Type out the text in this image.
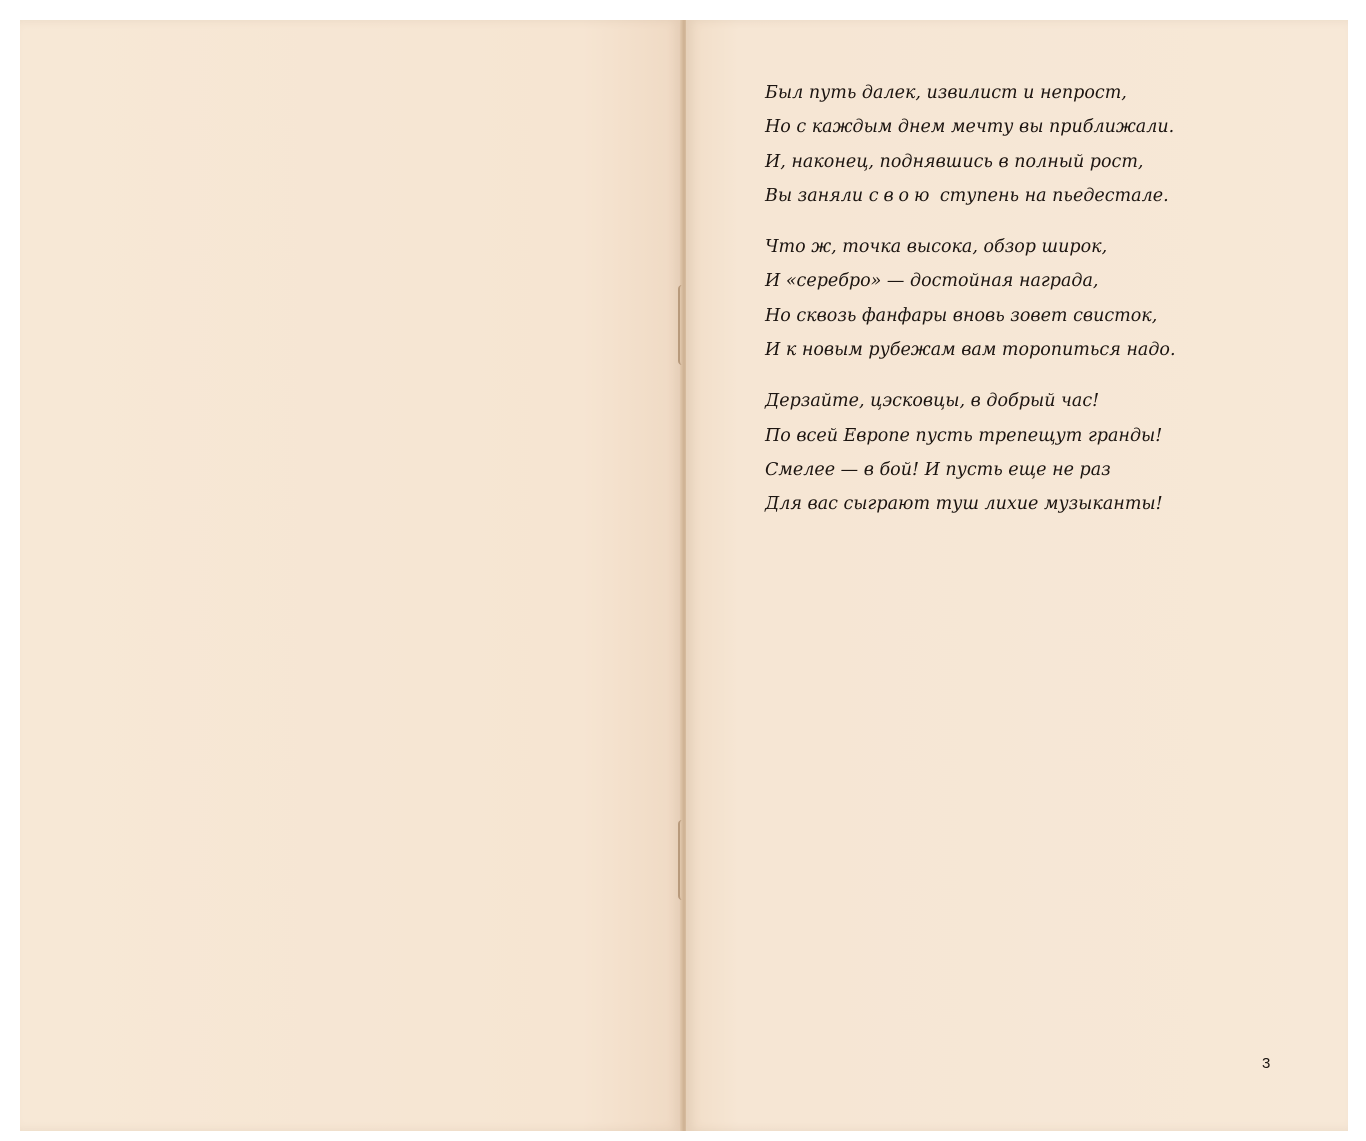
Был путь далек, извилист и непрост,
Но с каждым днем мечту вы приближали.
И, наконец, поднявшись в полный рост,
Вы заняли свою ступень на пьедестале.
Что ж, точка высока, обзор широк,
И «серебро» — достойная награда,
Но сквозь фанфары вновь зовет свисток,
И к новым рубежам вам торопиться надо.
Дерзайте, цэсковцы, в добрый час!
По всей Европе пусть трепещут гранды!
Смелее — в бой! И пусть еще не раз
Для вас сыграют туш лихие музыканты!
3
